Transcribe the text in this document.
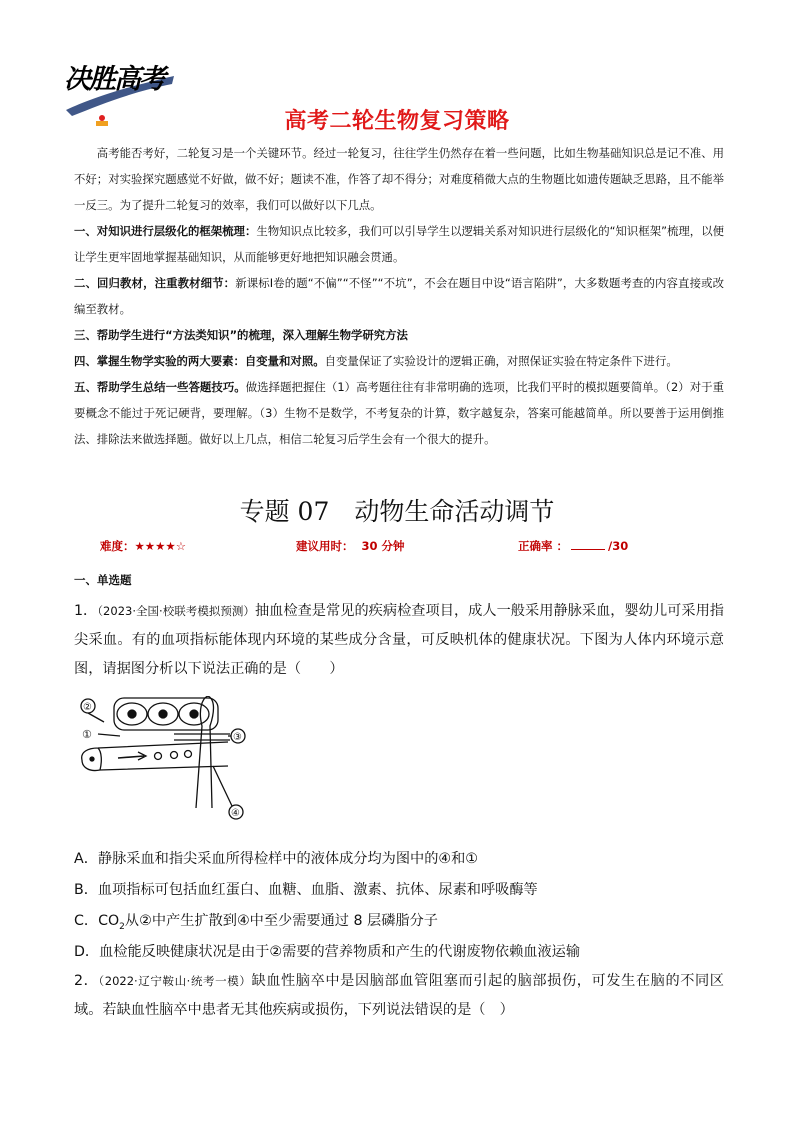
决胜高考
高考二轮生物复习策略

高考能否考好，二轮复习是一个关键环节。经过一轮复习，往往学生仍然存在着一些问题，比如生物基础知识总是记不准、用不好；对实验探究题感觉不好做，做不好；题读不准，作答了却不得分；对难度稍微大点的生物题比如遗传题缺乏思路，且不能举一反三。为了提升二轮复习的效率，我们可以做好以下几点。

一、对知识进行层级化的框架梳理：生物知识点比较多，我们可以引导学生以逻辑关系对知识进行层级化的“知识框架”梳理，以便让学生更牢固地掌握基础知识，从而能够更好地把知识融会贯通。

二、回归教材，注重教材细节：新课标Ⅰ卷的题“不偏”“不怪”“不坑”，不会在题目中设“语言陷阱”，大多数题考查的内容直接或改编至教材。

三、帮助学生进行“方法类知识”的梳理，深入理解生物学研究方法

四、掌握生物学实验的两大要素：自变量和对照。自变量保证了实验设计的逻辑正确，对照保证实验在特定条件下进行。

五、帮助学生总结一些答题技巧。做选择题把握住（1）高考题往往有非常明确的选项，比我们平时的模拟题要简单。（2）对于重要概念不能过于死记硬背，要理解。（3）生物不是数学，不考复杂的计算，数字越复杂，答案可能越简单。所以要善于运用倒推法、排除法来做选择题。做好以上几点，相信二轮复习后学生会有一个很大的提升。

专题 07　动物生命活动调节
难度：★★★★☆	建议用时： 30 分钟	正确率 ：	/30
一、单选题

1．（2023·全国·校联考模拟预测）抽血检查是常见的疾病检查项目，成人一般采用静脉采血，婴幼儿可采用指尖采血。有的血项指标能体现内环境的某些成分含量，可反映机体的健康状况。下图为人体内环境示意图，请据图分析以下说法正确的是（　　）

②
①	③
④
A．静脉采血和指尖采血所得检样中的液体成分均为图中的④和①
B．血项指标可包括血红蛋白、血糖、血脂、激素、抗体、尿素和呼吸酶等
C．$CO_2$从②中产生扩散到④中至少需要通过 8 层磷脂分子
D．血检能反映健康状况是由于②需要的营养物质和产生的代谢废物依赖血液运输

2．（2022·辽宁鞍山·统考一模）缺血性脑卒中是因脑部血管阻塞而引起的脑部损伤，可发生在脑的不同区域。若缺血性脑卒中患者无其他疾病或损伤，下列说法错误的是（　）
